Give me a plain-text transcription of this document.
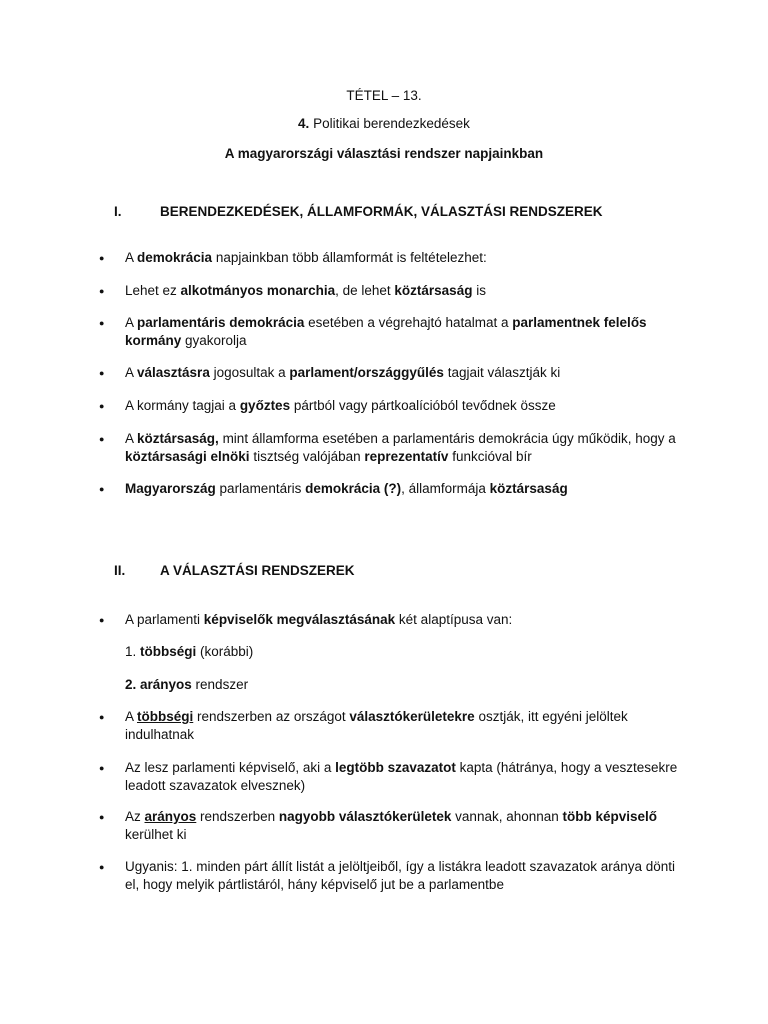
TÉTEL – 13.
4. Politikai berendezkedések
A magyarországi választási rendszer napjainkban
I.	BERENDEZKEDÉSEK, ÁLLAMFORMÁK, VÁLASZTÁSI RENDSZEREK
●	A demokrácia napjainkban több államformát is feltételezhet:
●	Lehet ez alkotmányos monarchia, de lehet köztársaság is
●	A parlamentáris demokrácia esetében a végrehajtó hatalmat a parlamentnek felelős kormány gyakorolja
●	A választásra jogosultak a parlament/országgyűlés tagjait választják ki
●	A kormány tagjai a győztes pártból vagy pártkoalícióból tevődnek össze
●	A köztársaság, mint államforma esetében a parlamentáris demokrácia úgy működik, hogy a köztársasági elnöki tisztség valójában reprezentatív funkcióval bír
●	Magyarország parlamentáris demokrácia (?), államformája köztársaság
II.	A VÁLASZTÁSI RENDSZEREK
●	A parlamenti képviselők megválasztásának két alaptípusa van:
1. többségi (korábbi)
2. arányos rendszer
●	A többségi rendszerben az országot választókerületekre osztják, itt egyéni jelöltek indulhatnak
●	Az lesz parlamenti képviselő, aki a legtöbb szavazatot kapta (hátránya, hogy a vesztesekre leadott szavazatok elvesznek)
●	Az arányos rendszerben nagyobb választókerületek vannak, ahonnan több képviselő kerülhet ki
●	Ugyanis: 1. minden párt állít listát a jelöltjeiből, így a listákra leadott szavazatok aránya dönti el, hogy melyik pártlistáról, hány képviselő jut be a parlamentbe
